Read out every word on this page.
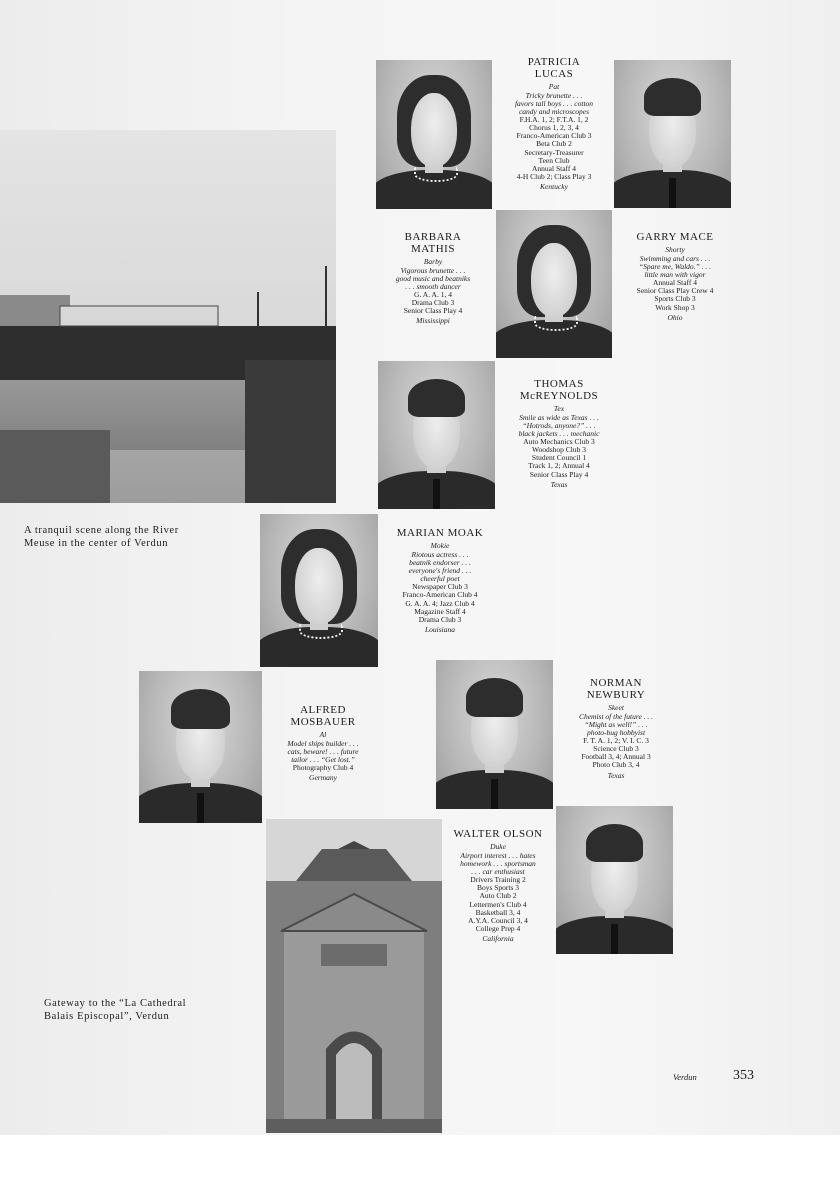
PATRICIA
LUCAS
Pat
Tricky brunette . . .
favors tall boys . . . cotton
candy and microscopes
F.H.A. 1, 2; F.T.A. 1, 2
Chorus 1, 2, 3, 4
Franco-American Club 3
Beta Club 2
Secretary-Treasurer
Teen Club
Annual Staff 4
4-H Club 2; Class Play 3
Kentucky
BARBARA
MATHIS
Barby
Vigorous brunette . . .
good music and beatniks
. . . smooth dancer
G. A. A. 1, 4
Drama Club 3
Senior Class Play 4
Mississippi
GARRY MACE
Shorty
Swimming and cars . . .
“Spare me, Waldo.” . . .
little man with vigor
Annual Staff 4
Senior Class Play Crew 4
Sports Club 3
Work Shop 3
Ohio
THOMAS
McREYNOLDS
Tex
Smile as wide as Texas . . .
“Hotrods, anyone?” . . .
black jackets . . . mechanic
Auto Mechanics Club 3
Woodshop Club 3
Student Council 1
Track 1, 2; Annual 4
Senior Class Play 4
Texas
MARIAN MOAK
Mokie
Riotous actress . . .
beatnik endorser . . .
everyone's friend . . .
cheerful poet
Newspaper Club 3
Franco-American Club 4
G. A. A. 4; Jazz Club 4
Magazine Staff 4
Drama Club 3
Louisiana
ALFRED
MOSBAUER
Al
Model ships builder . . .
cats, beware! . . . future
tailor . . . “Get lost.”
Photography Club 4
Germany
NORMAN
NEWBURY
Skeet
Chemist of the future . . .
“Might as well!” . . .
photo-bug hobbyist
F. T. A. 1, 2; V. I. C. 3
Science Club 3
Football 3, 4; Annual 3
Photo Club 3, 4
Texas
WALTER OLSON
Duke
Airport interest . . . hates
homework . . . sportsman
. . . car enthusiast
Drivers Training 2
Boys Sports 3
Auto Club 2
Lettermen's Club 4
Basketball 3, 4
A.Y.A. Council 3, 4
College Prep 4
California
A tranquil scene along the River
Meuse in the center of Verdun
Gateway to the “La Cathedral
Balais Episcopal”, Verdun
Verdun	353
